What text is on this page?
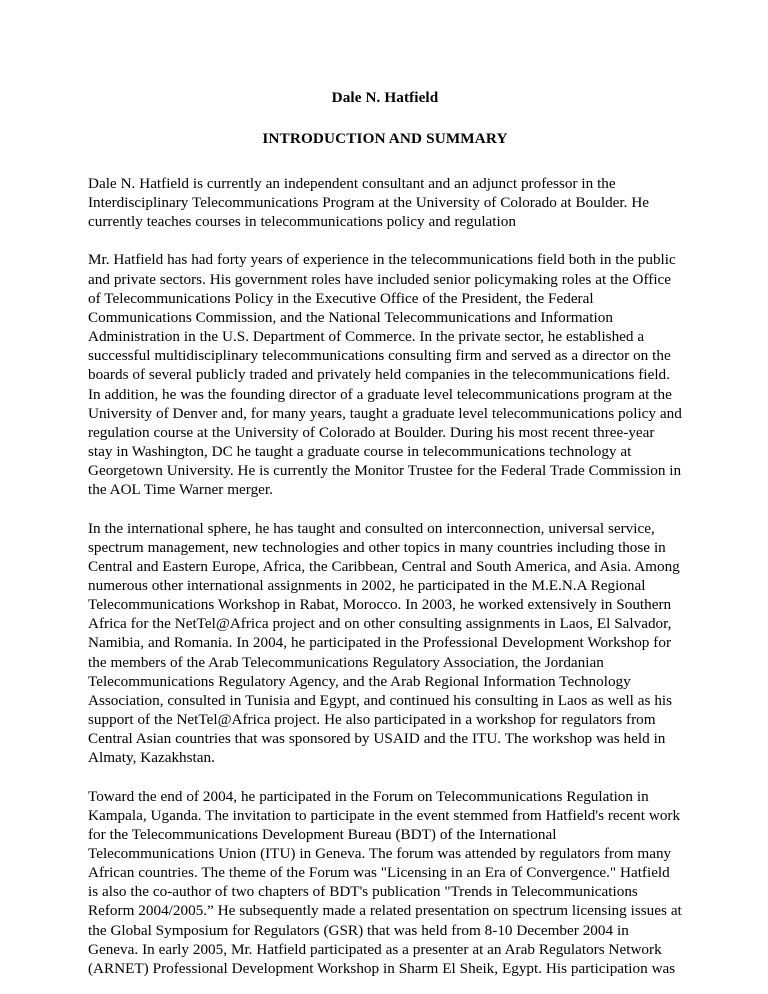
Dale N. Hatfield
INTRODUCTION AND SUMMARY

Dale N. Hatfield is currently an independent consultant and an adjunct professor in the Interdisciplinary Telecommunications Program at the University of Colorado at Boulder. He currently teaches courses in telecommunications policy and regulation

Mr. Hatfield has had forty years of experience in the telecommunications field both in the public and private sectors. His government roles have included senior policymaking roles at the Office of Telecommunications Policy in the Executive Office of the President, the Federal Communications Commission, and the National Telecommunications and Information Administration in the U.S. Department of Commerce. In the private sector, he established a successful multidisciplinary telecommunications consulting firm and served as a director on the boards of several publicly traded and privately held companies in the telecommunications field. In addition, he was the founding director of a graduate level telecommunications program at the University of Denver and, for many years, taught a graduate level telecommunications policy and regulation course at the University of Colorado at Boulder. During his most recent three-year stay in Washington, DC he taught a graduate course in telecommunications technology at Georgetown University. He is currently the Monitor Trustee for the Federal Trade Commission in the AOL Time Warner merger.

In the international sphere, he has taught and consulted on interconnection, universal service, spectrum management, new technologies and other topics in many countries including those in Central and Eastern Europe, Africa, the Caribbean, Central and South America, and Asia. Among numerous other international assignments in 2002, he participated in the M.E.N.A Regional Telecommunications Workshop in Rabat, Morocco. In 2003, he worked extensively in Southern Africa for the NetTel@Africa project and on other consulting assignments in Laos, El Salvador, Namibia, and Romania. In 2004, he participated in the Professional Development Workshop for the members of the Arab Telecommunications Regulatory Association, the Jordanian Telecommunications Regulatory Agency, and the Arab Regional Information Technology Association, consulted in Tunisia and Egypt, and continued his consulting in Laos as well as his support of the NetTel@Africa project. He also participated in a workshop for regulators from Central Asian countries that was sponsored by USAID and the ITU. The workshop was held in Almaty, Kazakhstan.

Toward the end of 2004, he participated in the Forum on Telecommunications Regulation in Kampala, Uganda. The invitation to participate in the event stemmed from Hatfield's recent work for the Telecommunications Development Bureau (BDT) of the International Telecommunications Union (ITU) in Geneva. The forum was attended by regulators from many African countries. The theme of the Forum was "Licensing in an Era of Convergence." Hatfield is also the co-author of two chapters of BDT's publication "Trends in Telecommunications Reform 2004/2005.” He subsequently made a related presentation on spectrum licensing issues at the Global Symposium for Regulators (GSR) that was held from 8-10 December 2004 in Geneva. In early 2005, Mr. Hatfield participated as a presenter at an Arab Regulators Network (ARNET) Professional Development Workshop in Sharm El Sheik, Egypt. His participation was
